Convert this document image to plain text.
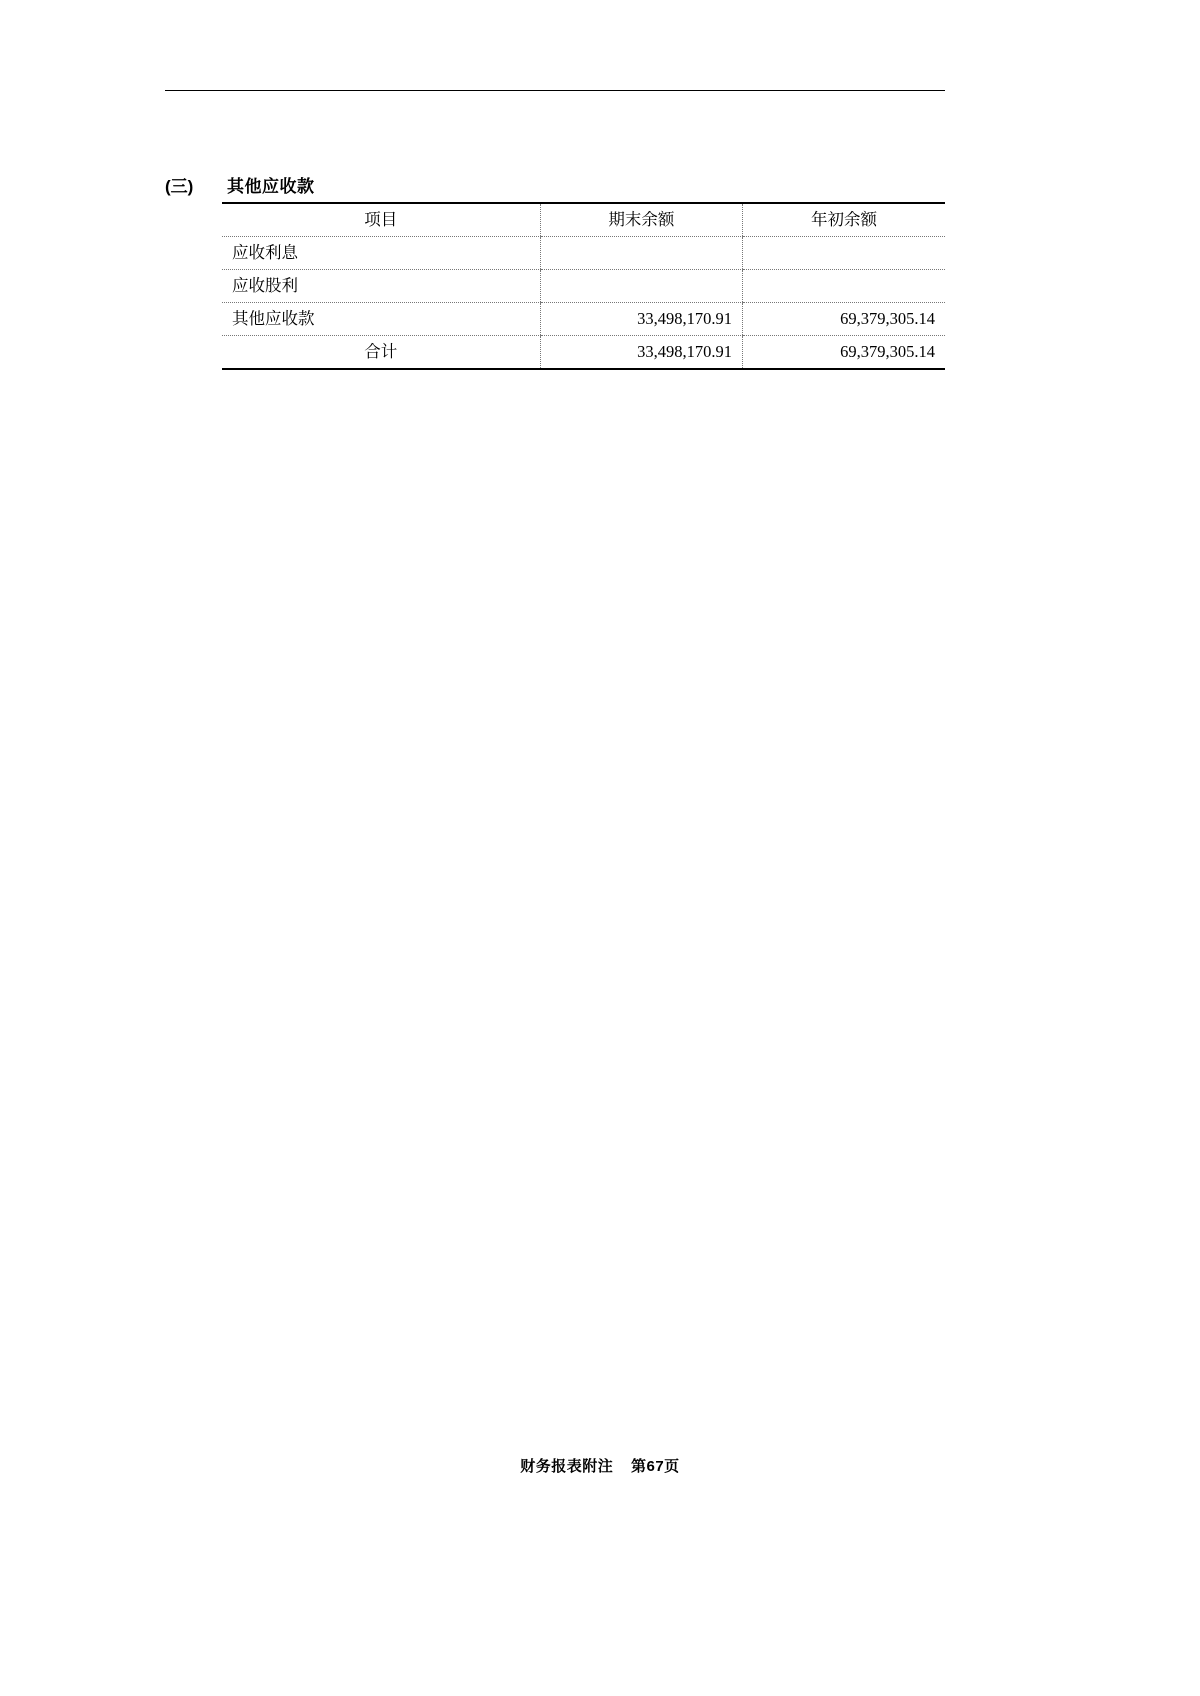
(三)	其他应收款
项目	期末余额	年初余额
应收利息		
应收股利		
其他应收款	33,498,170.91	69,379,305.14
合计	33,498,170.91	69,379,305.14
财务报表附注 第67页
